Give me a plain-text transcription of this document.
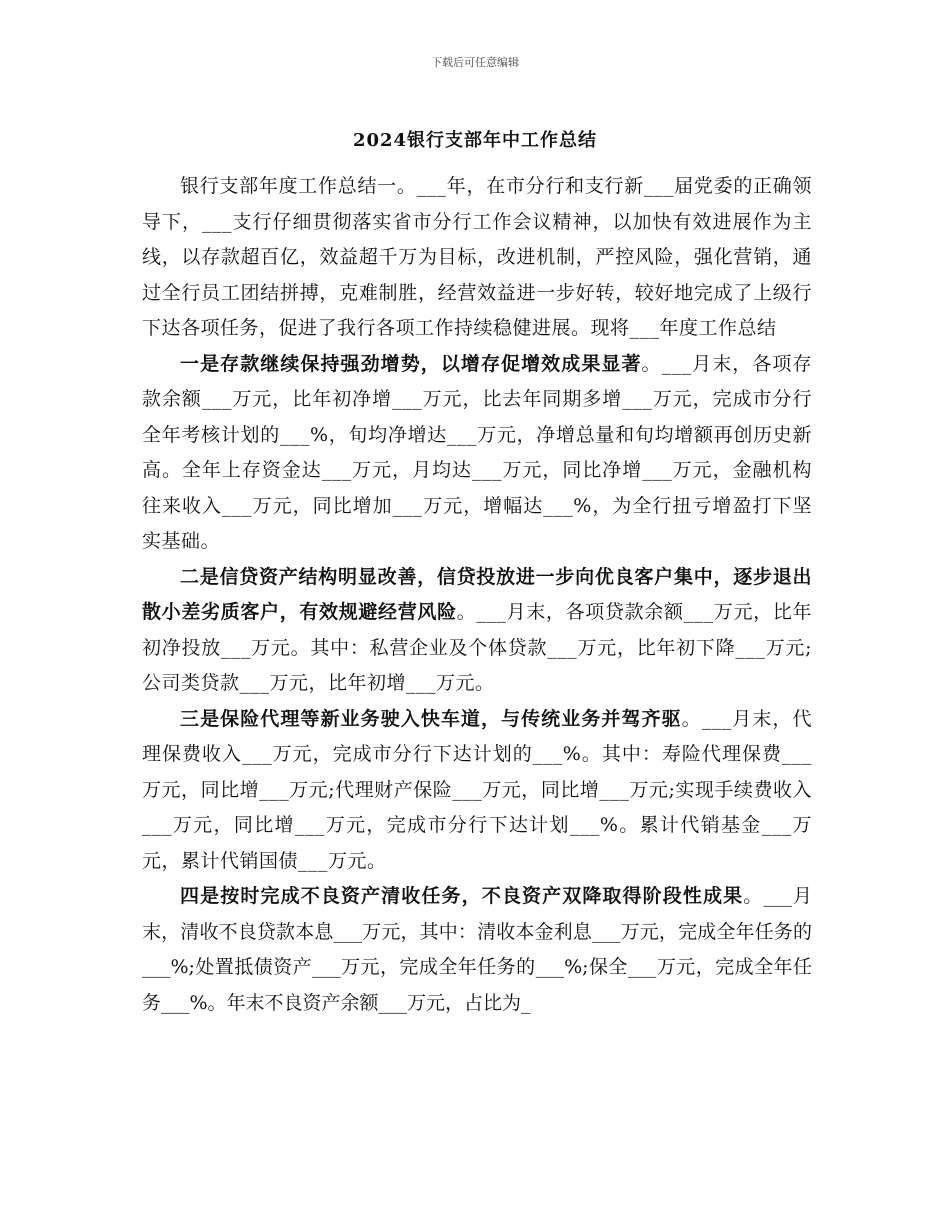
下载后可任意编辑
2024银行支部年中工作总结

银行支部年度工作总结一。___年，在市分行和支行新___届党委的正确领导下，___支行仔细贯彻落实省市分行工作会议精神，以加快有效进展作为主线，以存款超百亿，效益超千万为目标，改进机制，严控风险，强化营销，通过全行员工团结拼搏，克难制胜，经营效益进一步好转，较好地完成了上级行下达各项任务，促进了我行各项工作持续稳健进展。现将___年度工作总结

一是存款继续保持强劲增势，以增存促增效成果显著。___月末，各项存款余额___万元，比年初净增___万元，比去年同期多增___万元，完成市分行全年考核计划的___%，旬均净增达___万元，净增总量和旬均增额再创历史新高。全年上存资金达___万元，月均达___万元，同比净增___万元，金融机构往来收入___万元，同比增加___万元，增幅达___%，为全行扭亏增盈打下坚实基础。

二是信贷资产结构明显改善，信贷投放进一步向优良客户集中，逐步退出散小差劣质客户，有效规避经营风险。___月末，各项贷款余额___万元，比年初净投放___万元。其中：私营企业及个体贷款___万元，比年初下降___万元;公司类贷款___万元，比年初增___万元。

三是保险代理等新业务驶入快车道，与传统业务并驾齐驱。___月末，代理保费收入___万元，完成市分行下达计划的___%。其中：寿险代理保费___万元，同比增___万元;代理财产保险___万元，同比增___万元;实现手续费收入___万元，同比增___万元，完成市分行下达计划___%。累计代销基金___万元，累计代销国债___万元。

四是按时完成不良资产清收任务，不良资产双降取得阶段性成果。___月末，清收不良贷款本息___万元，其中：清收本金利息___万元，完成全年任务的___%;处置抵债资产___万元，完成全年任务的___%;保全___万元，完成全年任务___%。年末不良资产余额___万元，占比为_
